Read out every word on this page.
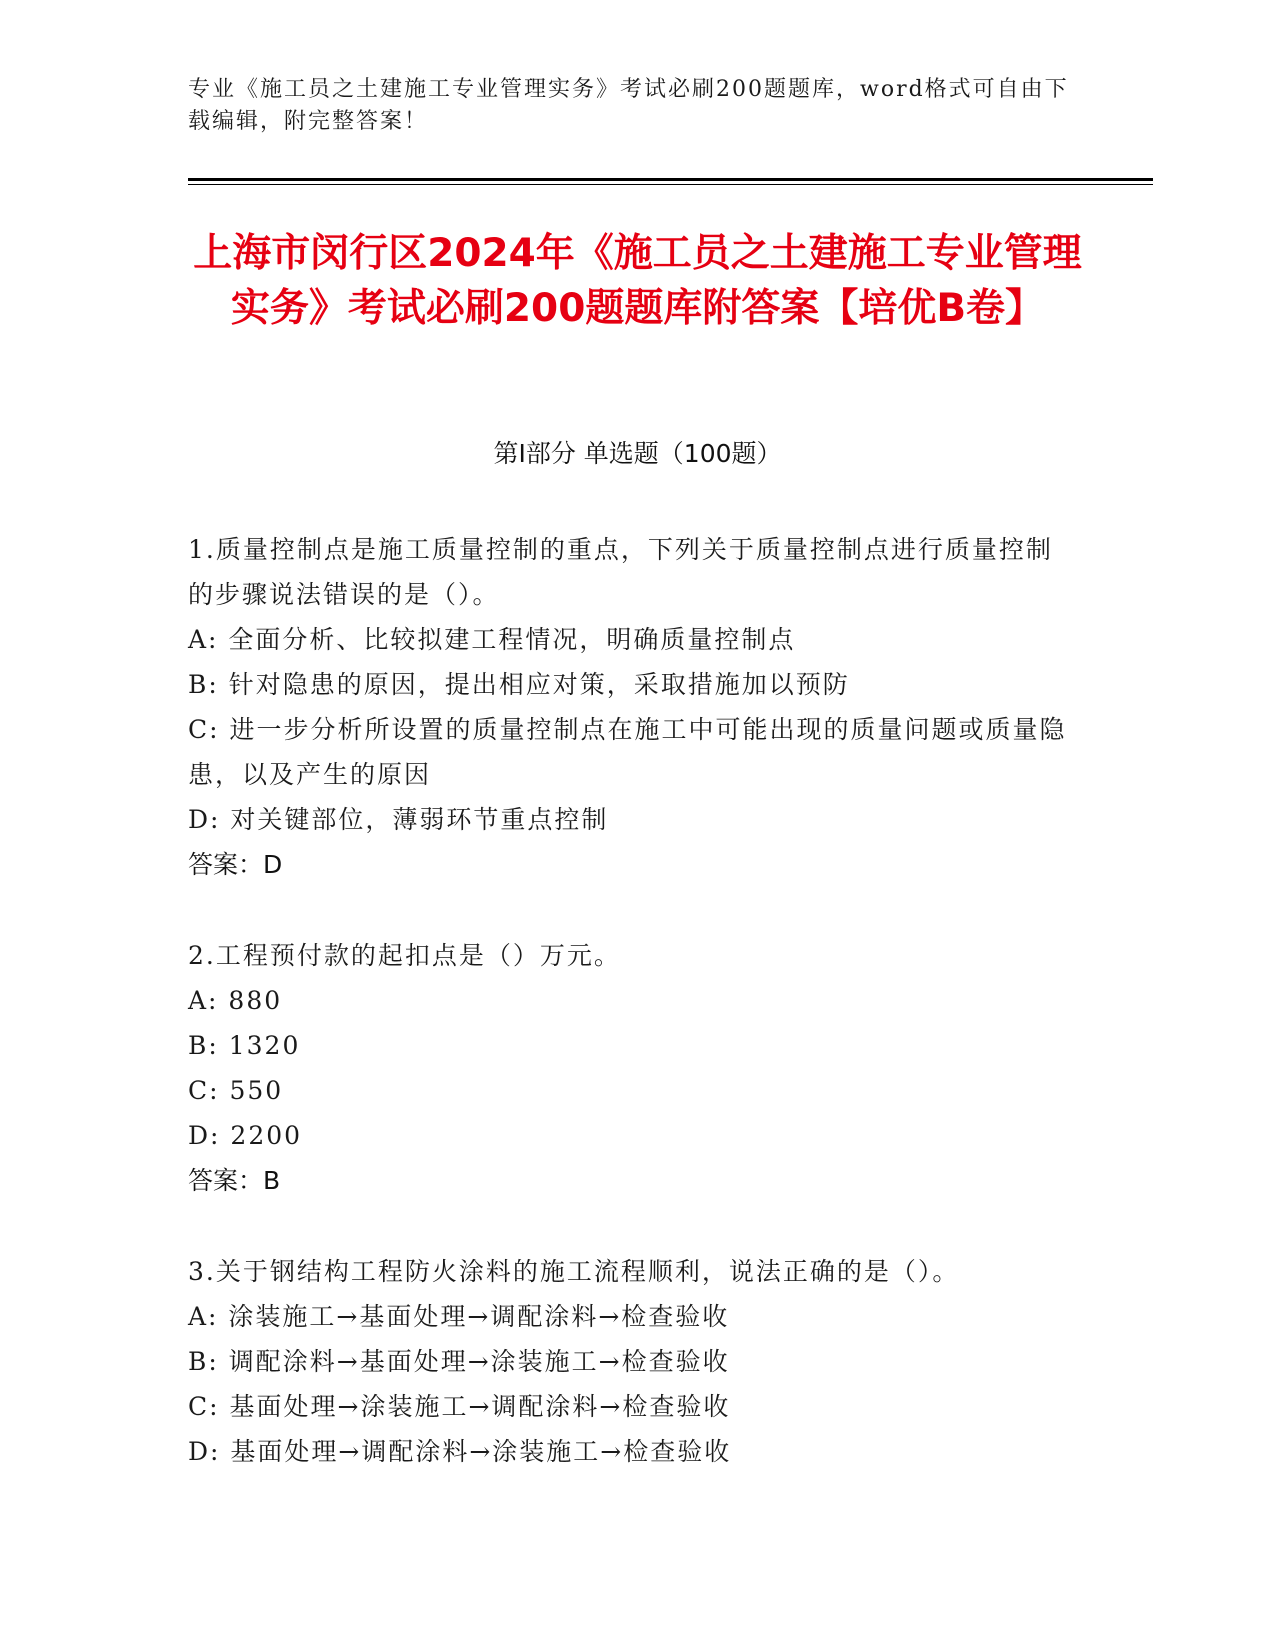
专业《施工员之土建施工专业管理实务》考试必刷200题题库，word格式可自由下载编辑，附完整答案！
上海市闵行区2024年《施工员之土建施工专业管理实务》考试必刷200题题库附答案【培优B卷】
第Ⅰ部分 单选题（100题）
1.质量控制点是施工质量控制的重点，下列关于质量控制点进行质量控制的步骤说法错误的是（）。
A: 全面分析、比较拟建工程情况，明确质量控制点
B: 针对隐患的原因，提出相应对策，采取措施加以预防
C: 进一步分析所设置的质量控制点在施工中可能出现的质量问题或质量隐患，以及产生的原因
D: 对关键部位，薄弱环节重点控制
答案：D
2.工程预付款的起扣点是（）万元。
A: 880
B: 1320
C: 550
D: 2200
答案：B
3.关于钢结构工程防火涂料的施工流程顺利，说法正确的是（）。
A: 涂装施工→基面处理→调配涂料→检查验收
B: 调配涂料→基面处理→涂装施工→检查验收
C: 基面处理→涂装施工→调配涂料→检查验收
D: 基面处理→调配涂料→涂装施工→检查验收
